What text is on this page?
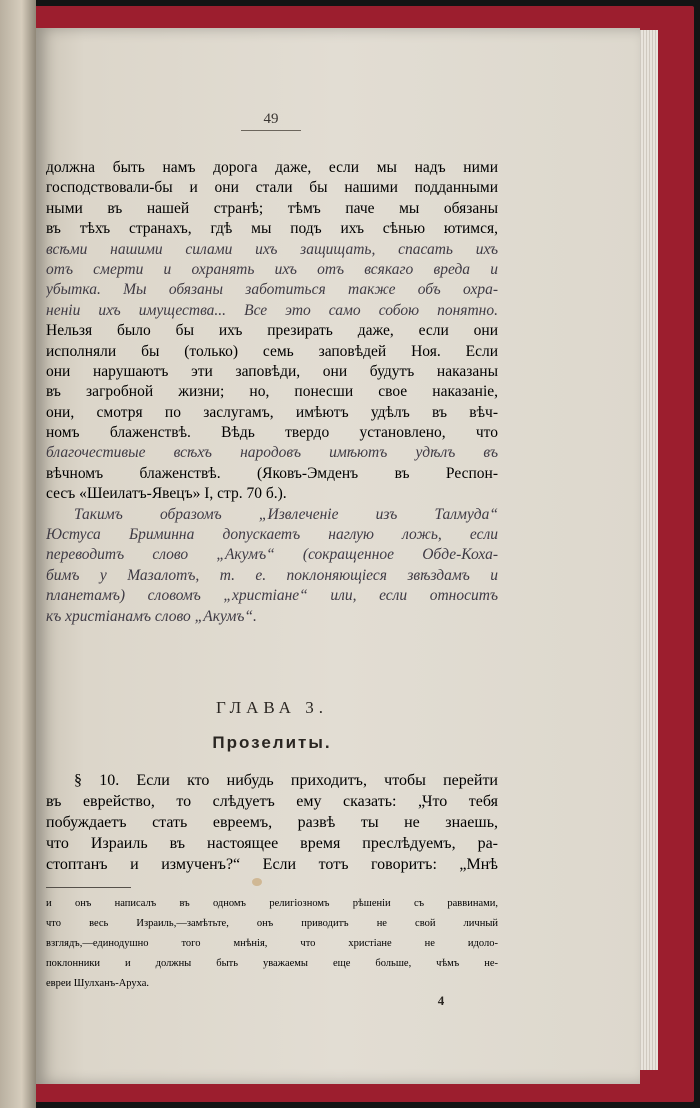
49
должна быть намъ дорога даже, если мы надъ ними
господствовали-бы и они стали бы нашими подданными
ными въ нашей странѣ; тѣмъ паче мы обязаны
въ тѣхъ странахъ, гдѣ мы подъ ихъ сѣнью ютимся,
всѣми нашими силами ихъ защищать, спасать ихъ
отъ смерти и охранять ихъ отъ всякаго вреда и
убытка. Мы обязаны заботиться также объ охра-
неніи ихъ имущества... Все это само собою понятно.
Нельзя было бы ихъ презирать даже, если они
исполняли бы (только) семь заповѣдей Ноя. Если
они нарушаютъ эти заповѣди, они будутъ наказаны
въ загробной жизни; но, понесши свое наказаніе,
они, смотря по заслугамъ, имѣютъ удѣлъ въ вѣч-
номъ блаженствѣ. Вѣдь твердо установлено, что
благочестивые всѣхъ народовъ имѣютъ удѣлъ въ
вѣчномъ блаженствѣ. (Яковъ-Эмденъ въ Респон-
сесъ «Шеилатъ-Явецъ» I, стр. 70 б.).
Такимъ образомъ „Извлеченіе изъ Талмуда“
Юстуса Бриминна допускаетъ наглую ложь, если
переводитъ слово „Акумъ“ (сокращенное Обде-Коха-
бимъ у Мазалотъ, т. е. поклоняющіеся звѣздамъ и
планетамъ) словомъ „христіане“ или, если относитъ
къ христіанамъ слово „Акумъ“.
ГЛАВА 3.
Прозелиты.
§ 10. Если кто нибудь приходитъ, чтобы перейти
въ еврейство, то слѣдуетъ ему сказать: „Что тебя
побуждаетъ стать евреемъ, развѣ ты не знаешь,
что Израиль въ настоящее время преслѣдуемъ, ра-
стоптанъ и измученъ?“ Если тотъ говоритъ: „Мнѣ
и онъ написалъ въ одномъ религіозномъ рѣшеніи съ раввинами,
что весь Израиль,—замѣтьте, онъ приводитъ не свой личный
взглядъ,—единодушно того мнѣнія, что христіане не идоло-
поклонники и должны быть уважаемы еще больше, чѣмъ не-
евреи Шулханъ-Аруха.
4
